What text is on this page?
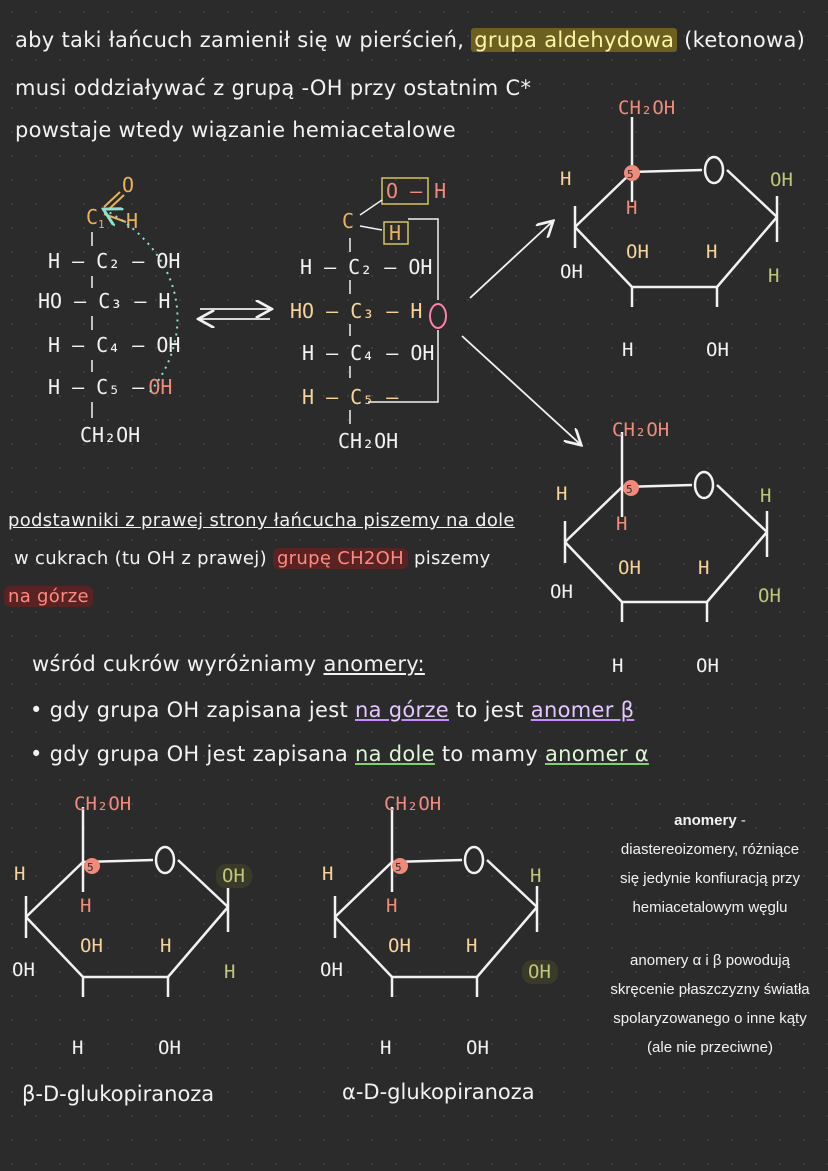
aby taki łańcuch zamienił się w pierścień, grupa aldehydowa (ketonowa)
musi oddziaływać z grupą -OH przy ostatnim C*
powstaje wtedy wiązanie hemiacetalowe
$C_1$
O
H
H – C₂ – OH
HO – C₃ – H
H – C₄ – OH
H – C₅ – OH
CH₂OH
O – H
C H
H – C₂ – OH
HO – C₃ – H
H – C₄ – OH
H – C₅ –
CH₂OH
CH₂OH
5
H
H
OH
OH	H
H
OH
H	OH
CH₂OH
5
H
H
H
OH	H
OH
OH
H	OH
CH₂OH
5
H
H
OH
OH	H
H
OH
H	OH
CH₂OH
5
H
H
H
OH	H
OH
OH
H	OH
podstawniki z prawej strony łańcucha piszemy na dole
w cukrach (tu OH z prawej) grupę CH2OH piszemy
na górze
wśród cukrów wyróżniamy anomery:
• gdy grupa OH zapisana jest na górze to jest anomer β
• gdy grupa OH jest zapisana na dole to mamy anomer α
β-D-glukopiranoza	α-D-glukopiranoza
anomery -
diastereoizomery, różniące się jedynie konfiuracją przy hemiacetalowym węglu
anomery α i β powodują skręcenie płaszczyzny światła spolaryzowanego o inne kąty (ale nie przeciwne)
